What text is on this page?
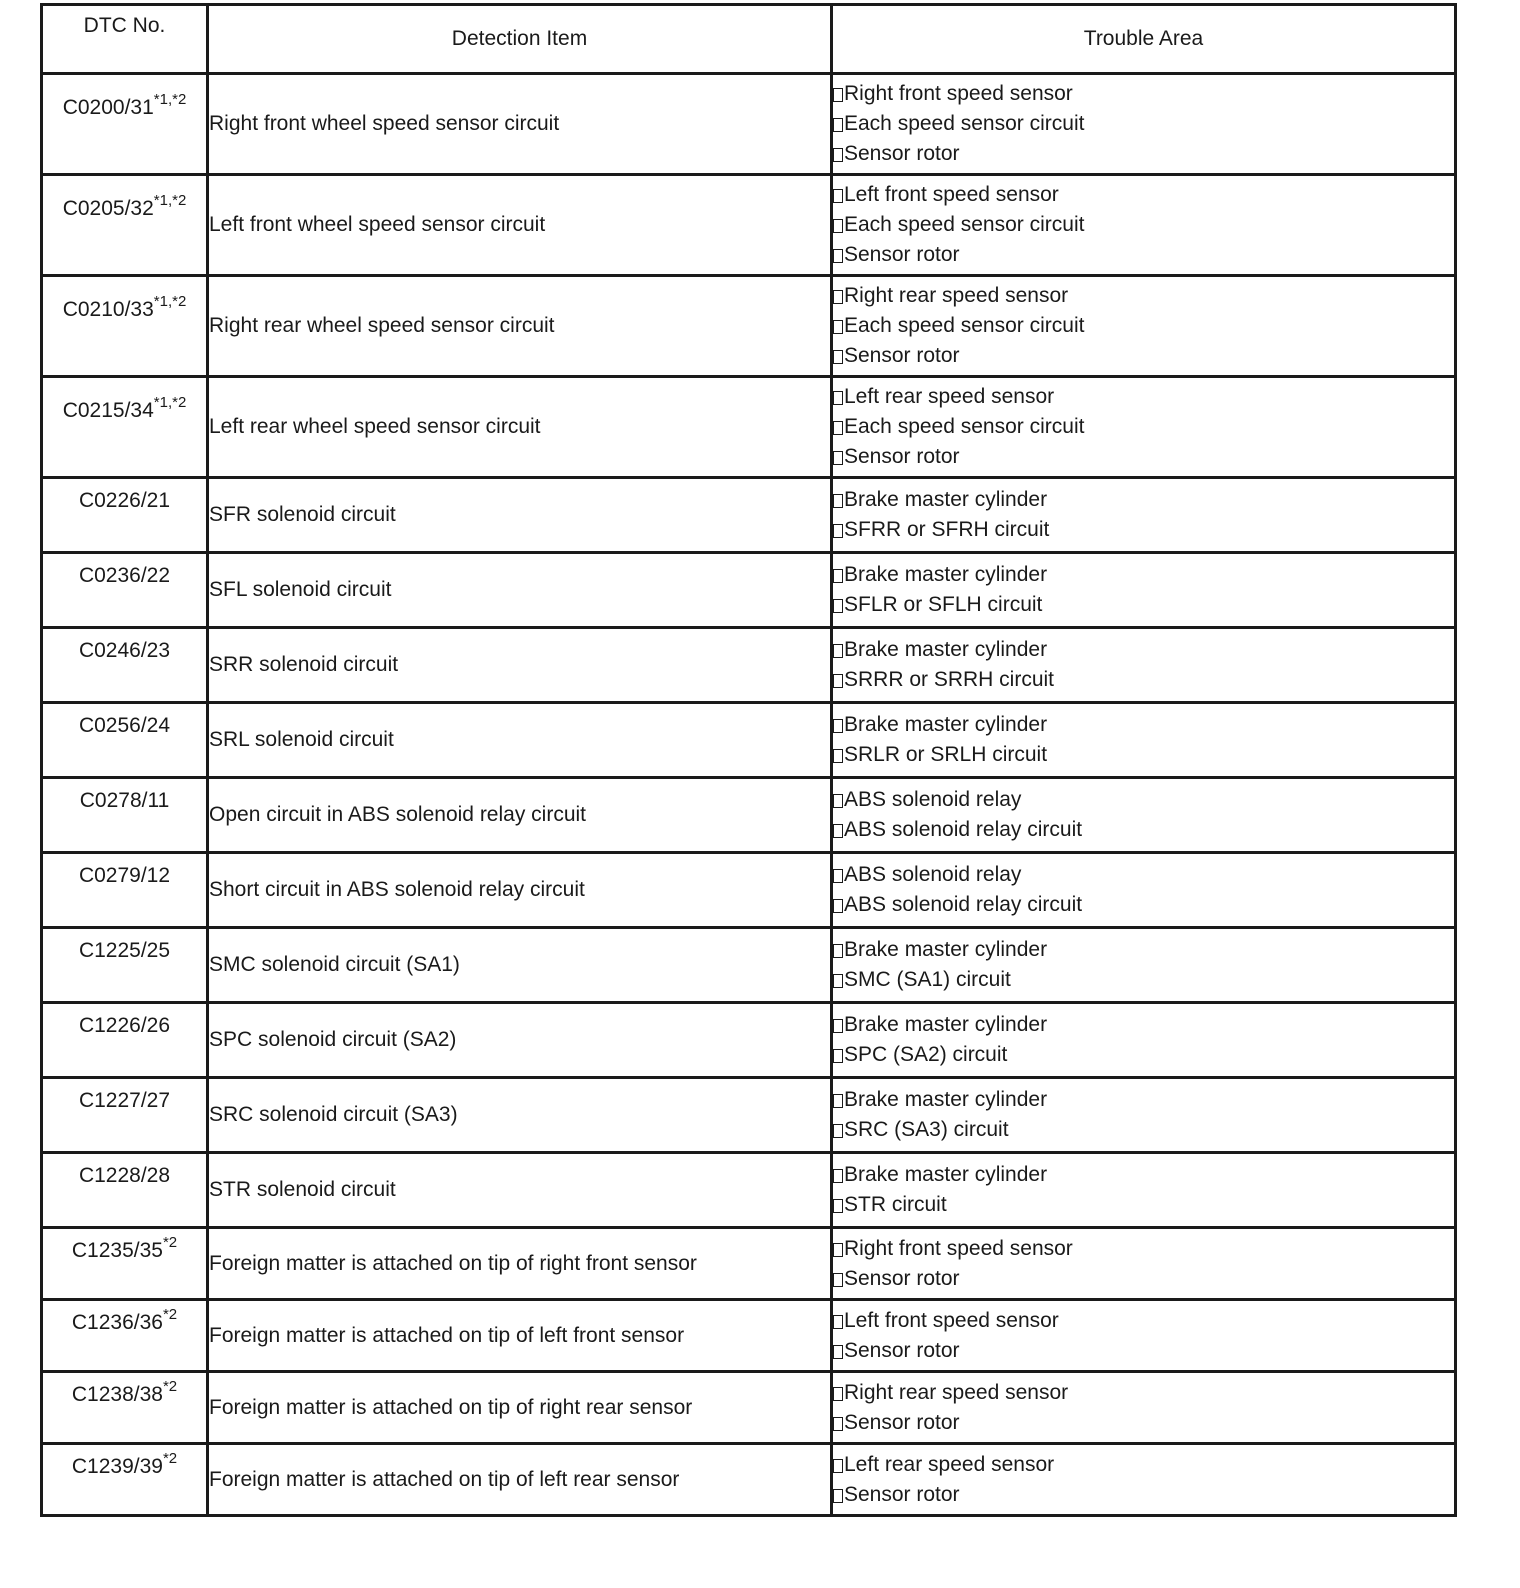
DTC No.	Detection Item	Trouble Area
$C0200/31^{*1,*2}$	Right front wheel speed sensor circuit	Right front speed sensor
Each speed sensor circuit
Sensor rotor

$C0205/32^{*1,*2}$	Left front wheel speed sensor circuit	Left front speed sensor
Each speed sensor circuit
Sensor rotor

$C0210/33^{*1,*2}$	Right rear wheel speed sensor circuit	Right rear speed sensor
Each speed sensor circuit
Sensor rotor

$C0215/34^{*1,*2}$	Left rear wheel speed sensor circuit	Left rear speed sensor
Each speed sensor circuit
Sensor rotor

C0226/21	SFR solenoid circuit	Brake master cylinder
SFRR or SFRH circuit

C0236/22	SFL solenoid circuit	Brake master cylinder
SFLR or SFLH circuit

C0246/23	SRR solenoid circuit	Brake master cylinder
SRRR or SRRH circuit

C0256/24	SRL solenoid circuit	Brake master cylinder
SRLR or SRLH circuit

C0278/11	Open circuit in ABS solenoid relay circuit	ABS solenoid relay
ABS solenoid relay circuit

C0279/12	Short circuit in ABS solenoid relay circuit	ABS solenoid relay
ABS solenoid relay circuit

C1225/25	SMC solenoid circuit (SA1)	Brake master cylinder
SMC (SA1) circuit

C1226/26	SPC solenoid circuit (SA2)	Brake master cylinder
SPC (SA2) circuit

C1227/27	SRC solenoid circuit (SA3)	Brake master cylinder
SRC (SA3) circuit

C1228/28	STR solenoid circuit	Brake master cylinder
STR circuit

C1235/35$^{*2}$	Foreign matter is attached on tip of right front sensor	Right front speed sensor
Sensor rotor

C1236/36$^{*2}$	Foreign matter is attached on tip of left front sensor	Left front speed sensor
Sensor rotor

C1238/38$^{*2}$	Foreign matter is attached on tip of right rear sensor	Right rear speed sensor
Sensor rotor

C1239/39$^{*2}$	Foreign matter is attached on tip of left rear sensor	Left rear speed sensor
Sensor rotor
